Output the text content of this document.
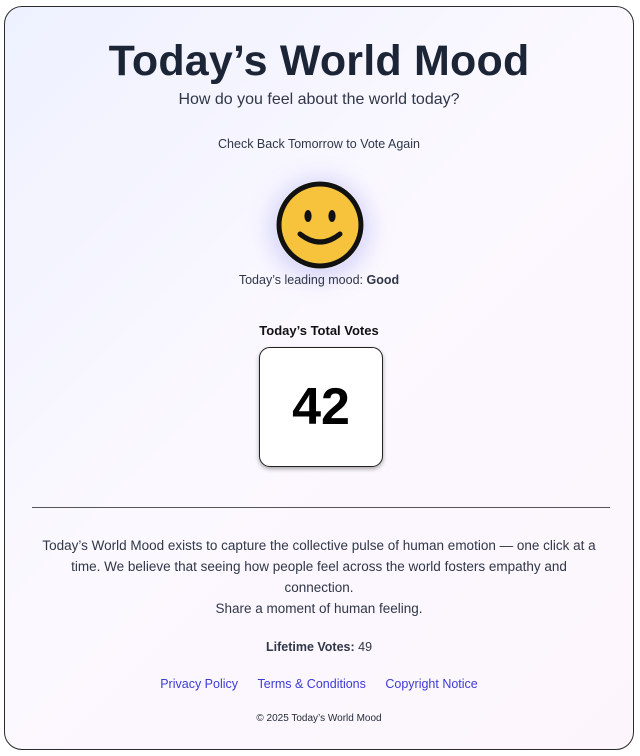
Today’s World Mood
How do you feel about the world today?
Check Back Tomorrow to Vote Again
Today’s leading mood: Good
Today’s Total Votes
42
Today’s World Mood exists to capture the collective pulse of human emotion — one click at a time. We believe that seeing how people feel across the world fosters empathy and connection.
Share a moment of human feeling.
Lifetime Votes: 49
Privacy Policy Terms & Conditions Copyright Notice
© 2025 Today’s World Mood
